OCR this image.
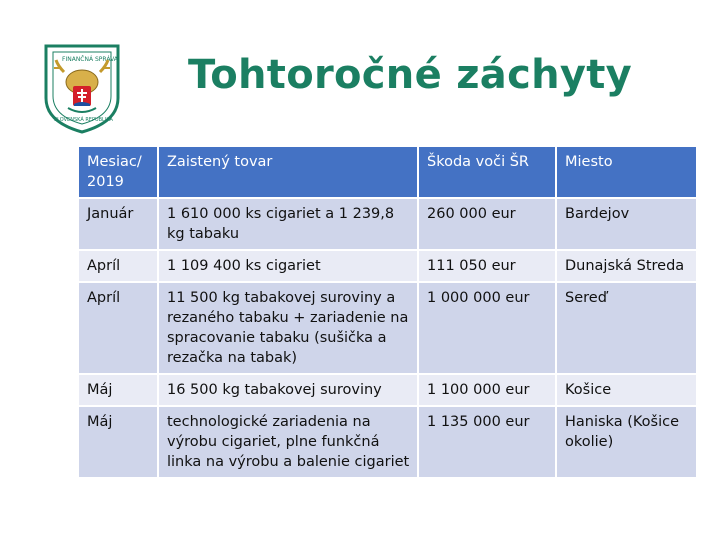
FINANČNÁ SPRÁVA
SLOVENSKÁ REPUBLIKA
Tohtoročné záchyty
Mesiac/ 2019	Zaistený tovar	Škoda voči ŠR	Miesto
Január	1 610 000 ks cigariet a 1 239,8 kg tabaku	260 000 eur	Bardejov
Apríl	1 109 400 ks cigariet	111 050 eur	Dunajská Streda
Apríl	11 500 kg tabakovej suroviny a rezaného tabaku + zariadenie na spracovanie tabaku (sušička a rezačka na tabak)	1 000 000 eur	Sereď
Máj	16 500 kg tabakovej suroviny	1 100 000 eur	Košice
Máj	technologické zariadenia na výrobu cigariet, plne funkčná linka na výrobu a balenie cigariet	1 135 000 eur	Haniska (Košice okolie)
